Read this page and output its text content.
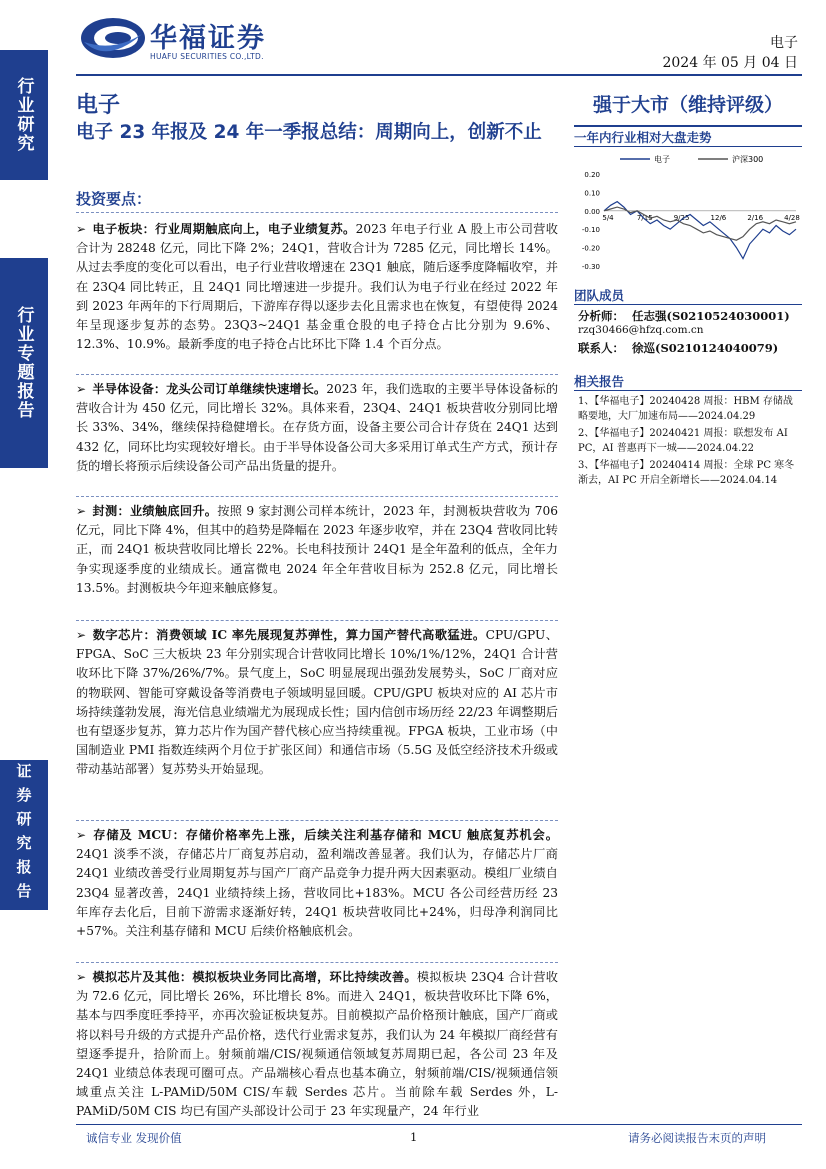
行业研究
行业专题报告
证券研究报告
华福证券
HUAFU SECURITIES CO.,LTD.
电子
2024 年 05 月 04 日
电子
电子 23 年报及 24 年一季报总结：周期向上，创新不止
投资要点：
➢ 电子板块：行业周期触底向上，电子业绩复苏。2023 年电子行业 A 股上市公司营收合计为 28248 亿元，同比下降 2%；24Q1，营收合计为 7285 亿元，同比增长 14%。从过去季度的变化可以看出，电子行业营收增速在 23Q1 触底，随后逐季度降幅收窄，并在 23Q4 同比转正，且 24Q1 同比增速进一步提升。我们认为电子行业在经过 2022 年到 2023 年两年的下行周期后，下游库存得以逐步去化且需求也在恢复，有望使得 2024 年呈现逐步复苏的态势。23Q3~24Q1 基金重仓股的电子持仓占比分别为 9.6%、12.3%、10.9%。最新季度的电子持仓占比环比下降 1.4 个百分点。
➢ 半导体设备：龙头公司订单继续快速增长。2023 年，我们选取的主要半导体设备标的营收合计为 450 亿元，同比增长 32%。具体来看，23Q4、24Q1 板块营收分别同比增长 33%、34%，继续保持稳健增长。在存货方面，设备主要公司合计存货在 24Q1 达到 432 亿，同环比均实现较好增长。由于半导体设备公司大多采用订单式生产方式，预计存货的增长将预示后续设备公司产品出货量的提升。
➢ 封测：业绩触底回升。按照 9 家封测公司样本统计，2023 年，封测板块营收为 706 亿元，同比下降 4%，但其中的趋势是降幅在 2023 年逐步收窄，并在 23Q4 营收同比转正，而 24Q1 板块营收同比增长 22%。长电科技预计 24Q1 是全年盈利的低点，全年力争实现逐季度的业绩成长。通富微电 2024 年全年营收目标为 252.8 亿元，同比增长 13.5%。封测板块今年迎来触底修复。
➢ 数字芯片：消费领域 IC 率先展现复苏弹性，算力国产替代高歌猛进。CPU/GPU、FPGA、SoC 三大板块 23 年分别实现合计营收同比增长 10%/1%/12%，24Q1 合计营收环比下降 37%/26%/7%。景气度上，SoC 明显展现出强劲发展势头，SoC 厂商对应的物联网、智能可穿戴设备等消费电子领域明显回暖。CPU/GPU 板块对应的 AI 芯片市场持续蓬勃发展，海光信息业绩端尤为展现成长性；国内信创市场历经 22/23 年调整期后也有望逐步复苏，算力芯片作为国产替代核心应当持续重视。FPGA 板块，工业市场（中国制造业 PMI 指数连续两个月位于扩张区间）和通信市场（5.5G 及低空经济技术升级或带动基站部署）复苏势头开始显现。
➢ 存储及 MCU：存储价格率先上涨，后续关注利基存储和 MCU 触底复苏机会。24Q1 淡季不淡，存储芯片厂商复苏启动，盈利端改善显著。我们认为，存储芯片厂商 24Q1 业绩改善受行业周期复苏与国产厂商产品竞争力提升两大因素驱动。模组厂业绩自 23Q4 显著改善，24Q1 业绩持续上扬，营收同比+183%。MCU 各公司经营历经 23 年库存去化后，目前下游需求逐渐好转，24Q1 板块营收同比+24%，归母净利润同比+57%。关注利基存储和 MCU 后续价格触底机会。
➢ 模拟芯片及其他：模拟板块业务同比高增，环比持续改善。模拟板块 23Q4 合计营收为 72.6 亿元，同比增长 26%，环比增长 8%。而进入 24Q1，板块营收环比下降 6%，基本与四季度旺季持平，亦再次验证板块复苏。目前模拟产品价格预计触底，国产厂商或将以料号升级的方式提升产品价格，迭代行业需求复苏，我们认为 24 年模拟厂商经营有望逐季提升，拾阶而上。射频前端/CIS/视频通信领域复苏周期已起，各公司 23 年及 24Q1 业绩总体表现可圈可点。产品端核心看点也基本确立，射频前端/CIS/视频通信领域重点关注 L-PAMiD/50M CIS/车载 Serdes 芯片。当前除车载 Serdes 外，L-PAMiD/50M CIS 均已有国产头部设计公司于 23 年实现量产，24 年行业
强于大市（维持评级）
一年内行业相对大盘走势
电子	沪深300
0.20
0.10
0.00
-0.10
-0.20
-0.30
5/4	7/15	9/25	12/6	2/16	4/28
团队成员
分析师： 任志强(S0210524030001)
rzq30466@hfzq.com.cn
联系人： 徐巡(S0210124040079)
相关报告
1、【华福电子】20240428 周报：HBM 存储战略要地，大厂加速布局——2024.04.29
2、【华福电子】20240421 周报：联想发布 AI PC，AI 普惠再下一城——2024.04.22
3、【华福电子】20240414 周报：全球 PC 寒冬渐去，AI PC 开启全新增长——2024.04.14
诚信专业 发现价值	1	请务必阅读报告末页的声明
